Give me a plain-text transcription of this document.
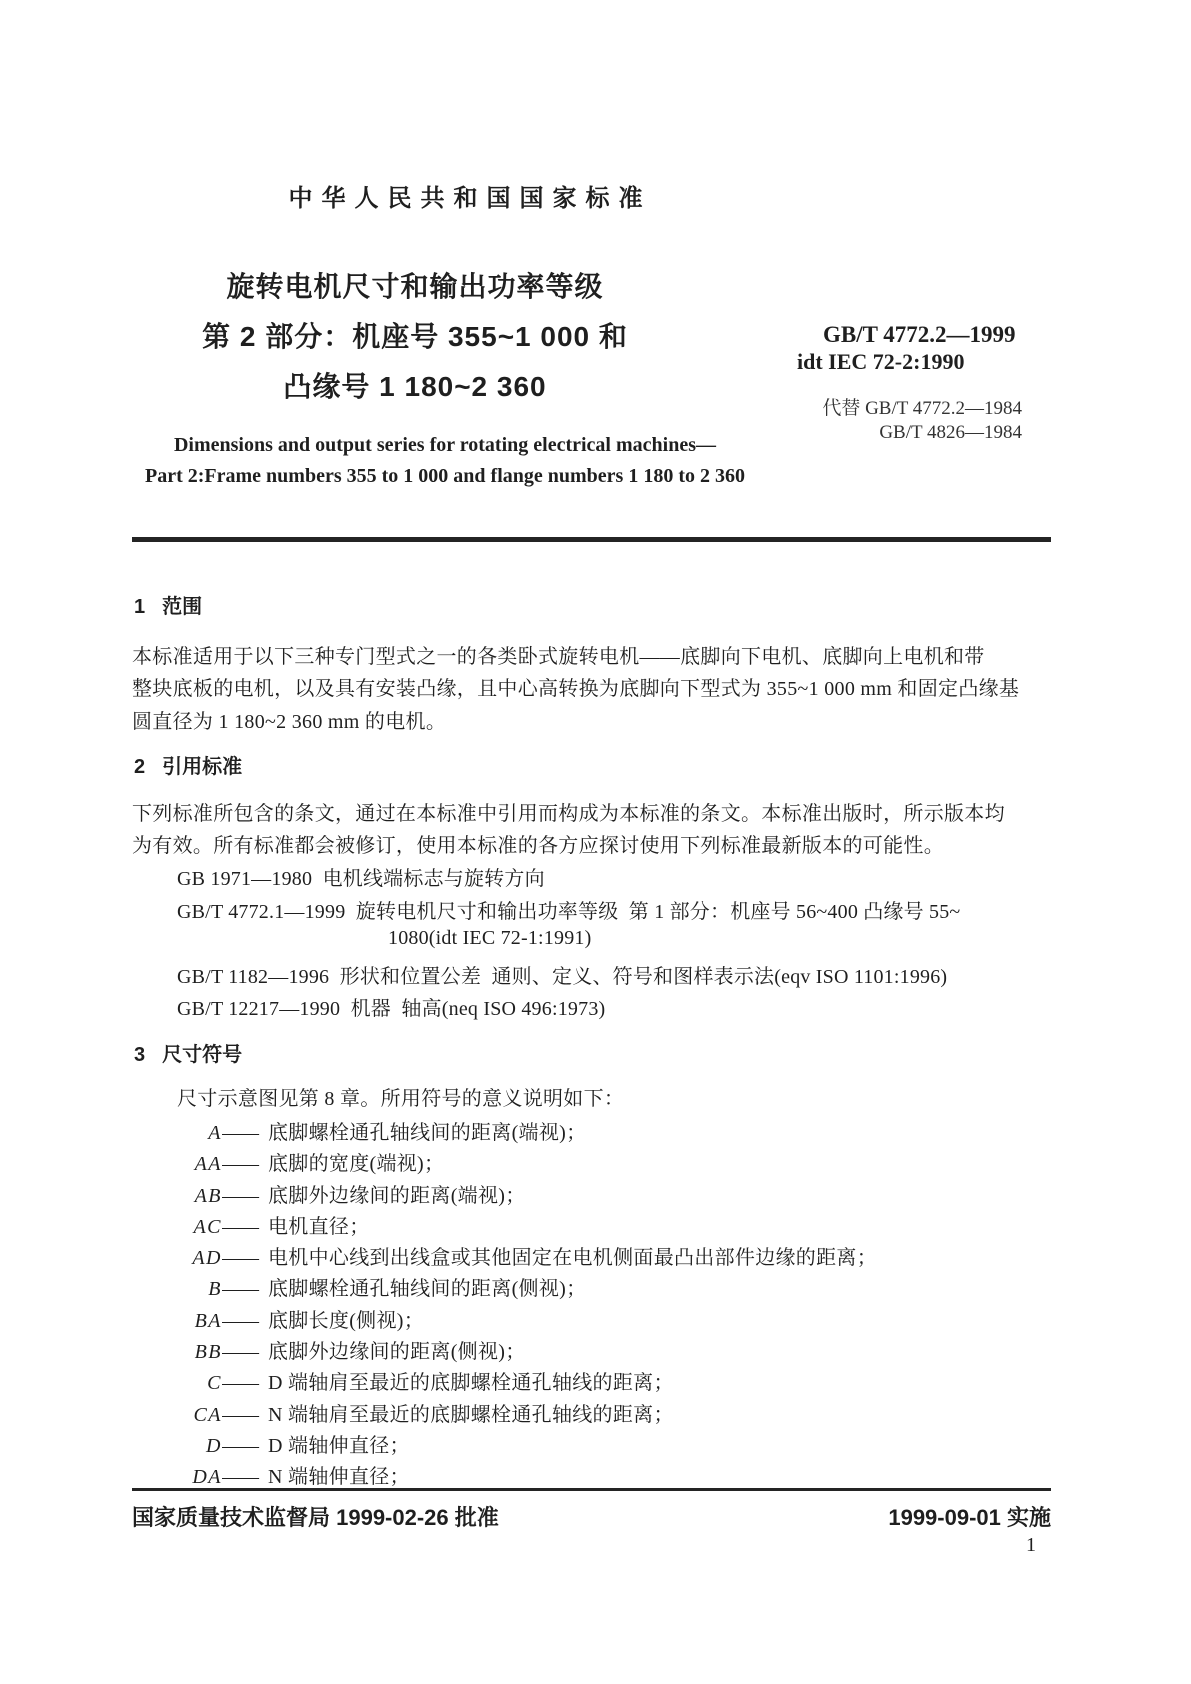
中华人民共和国国家标准
旋转电机尺寸和输出功率等级
第 2 部分：机座号 355~1 000 和
凸缘号 1 180~2 360
GB/T 4772.2—1999
idt IEC 72-2:1990
代替 GB/T 4772.2—1984
GB/T 4826—1984
Dimensions and output series for rotating electrical machines—
Part 2:Frame numbers 355 to 1 000 and flange numbers 1 180 to 2 360
1 范围
本标准适用于以下三种专门型式之一的各类卧式旋转电机——底脚向下电机、底脚向上电机和带
整块底板的电机，以及具有安装凸缘，且中心高转换为底脚向下型式为 355~1 000 mm 和固定凸缘基
圆直径为 1 180~2 360 mm 的电机。
2 引用标准
下列标准所包含的条文，通过在本标准中引用而构成为本标准的条文。本标准出版时，所示版本均
为有效。所有标准都会被修订，使用本标准的各方应探讨使用下列标准最新版本的可能性。
GB 1971—1980  电机线端标志与旋转方向
GB/T 4772.1—1999  旋转电机尺寸和输出功率等级  第 1 部分：机座号 56~400 凸缘号 55~
1080(idt IEC 72-1:1991)
GB/T 1182—1996  形状和位置公差  通则、定义、符号和图样表示法(eqv ISO 1101:1996)
GB/T 12217—1990  机器  轴高(neq ISO 496:1973)
3 尺寸符号
尺寸示意图见第 8 章。所用符号的意义说明如下：
A —— 底脚螺栓通孔轴线间的距离(端视)；
AA —— 底脚的宽度(端视)；
AB —— 底脚外边缘间的距离(端视)；
AC —— 电机直径；
AD —— 电机中心线到出线盒或其他固定在电机侧面最凸出部件边缘的距离；
B —— 底脚螺栓通孔轴线间的距离(侧视)；
BA —— 底脚长度(侧视)；
BB —— 底脚外边缘间的距离(侧视)；
C —— D 端轴肩至最近的底脚螺栓通孔轴线的距离；
CA —— N 端轴肩至最近的底脚螺栓通孔轴线的距离；
D —— D 端轴伸直径；
DA —— N 端轴伸直径；
国家质量技术监督局 1999-02-26 批准	1999-09-01 实施
1
